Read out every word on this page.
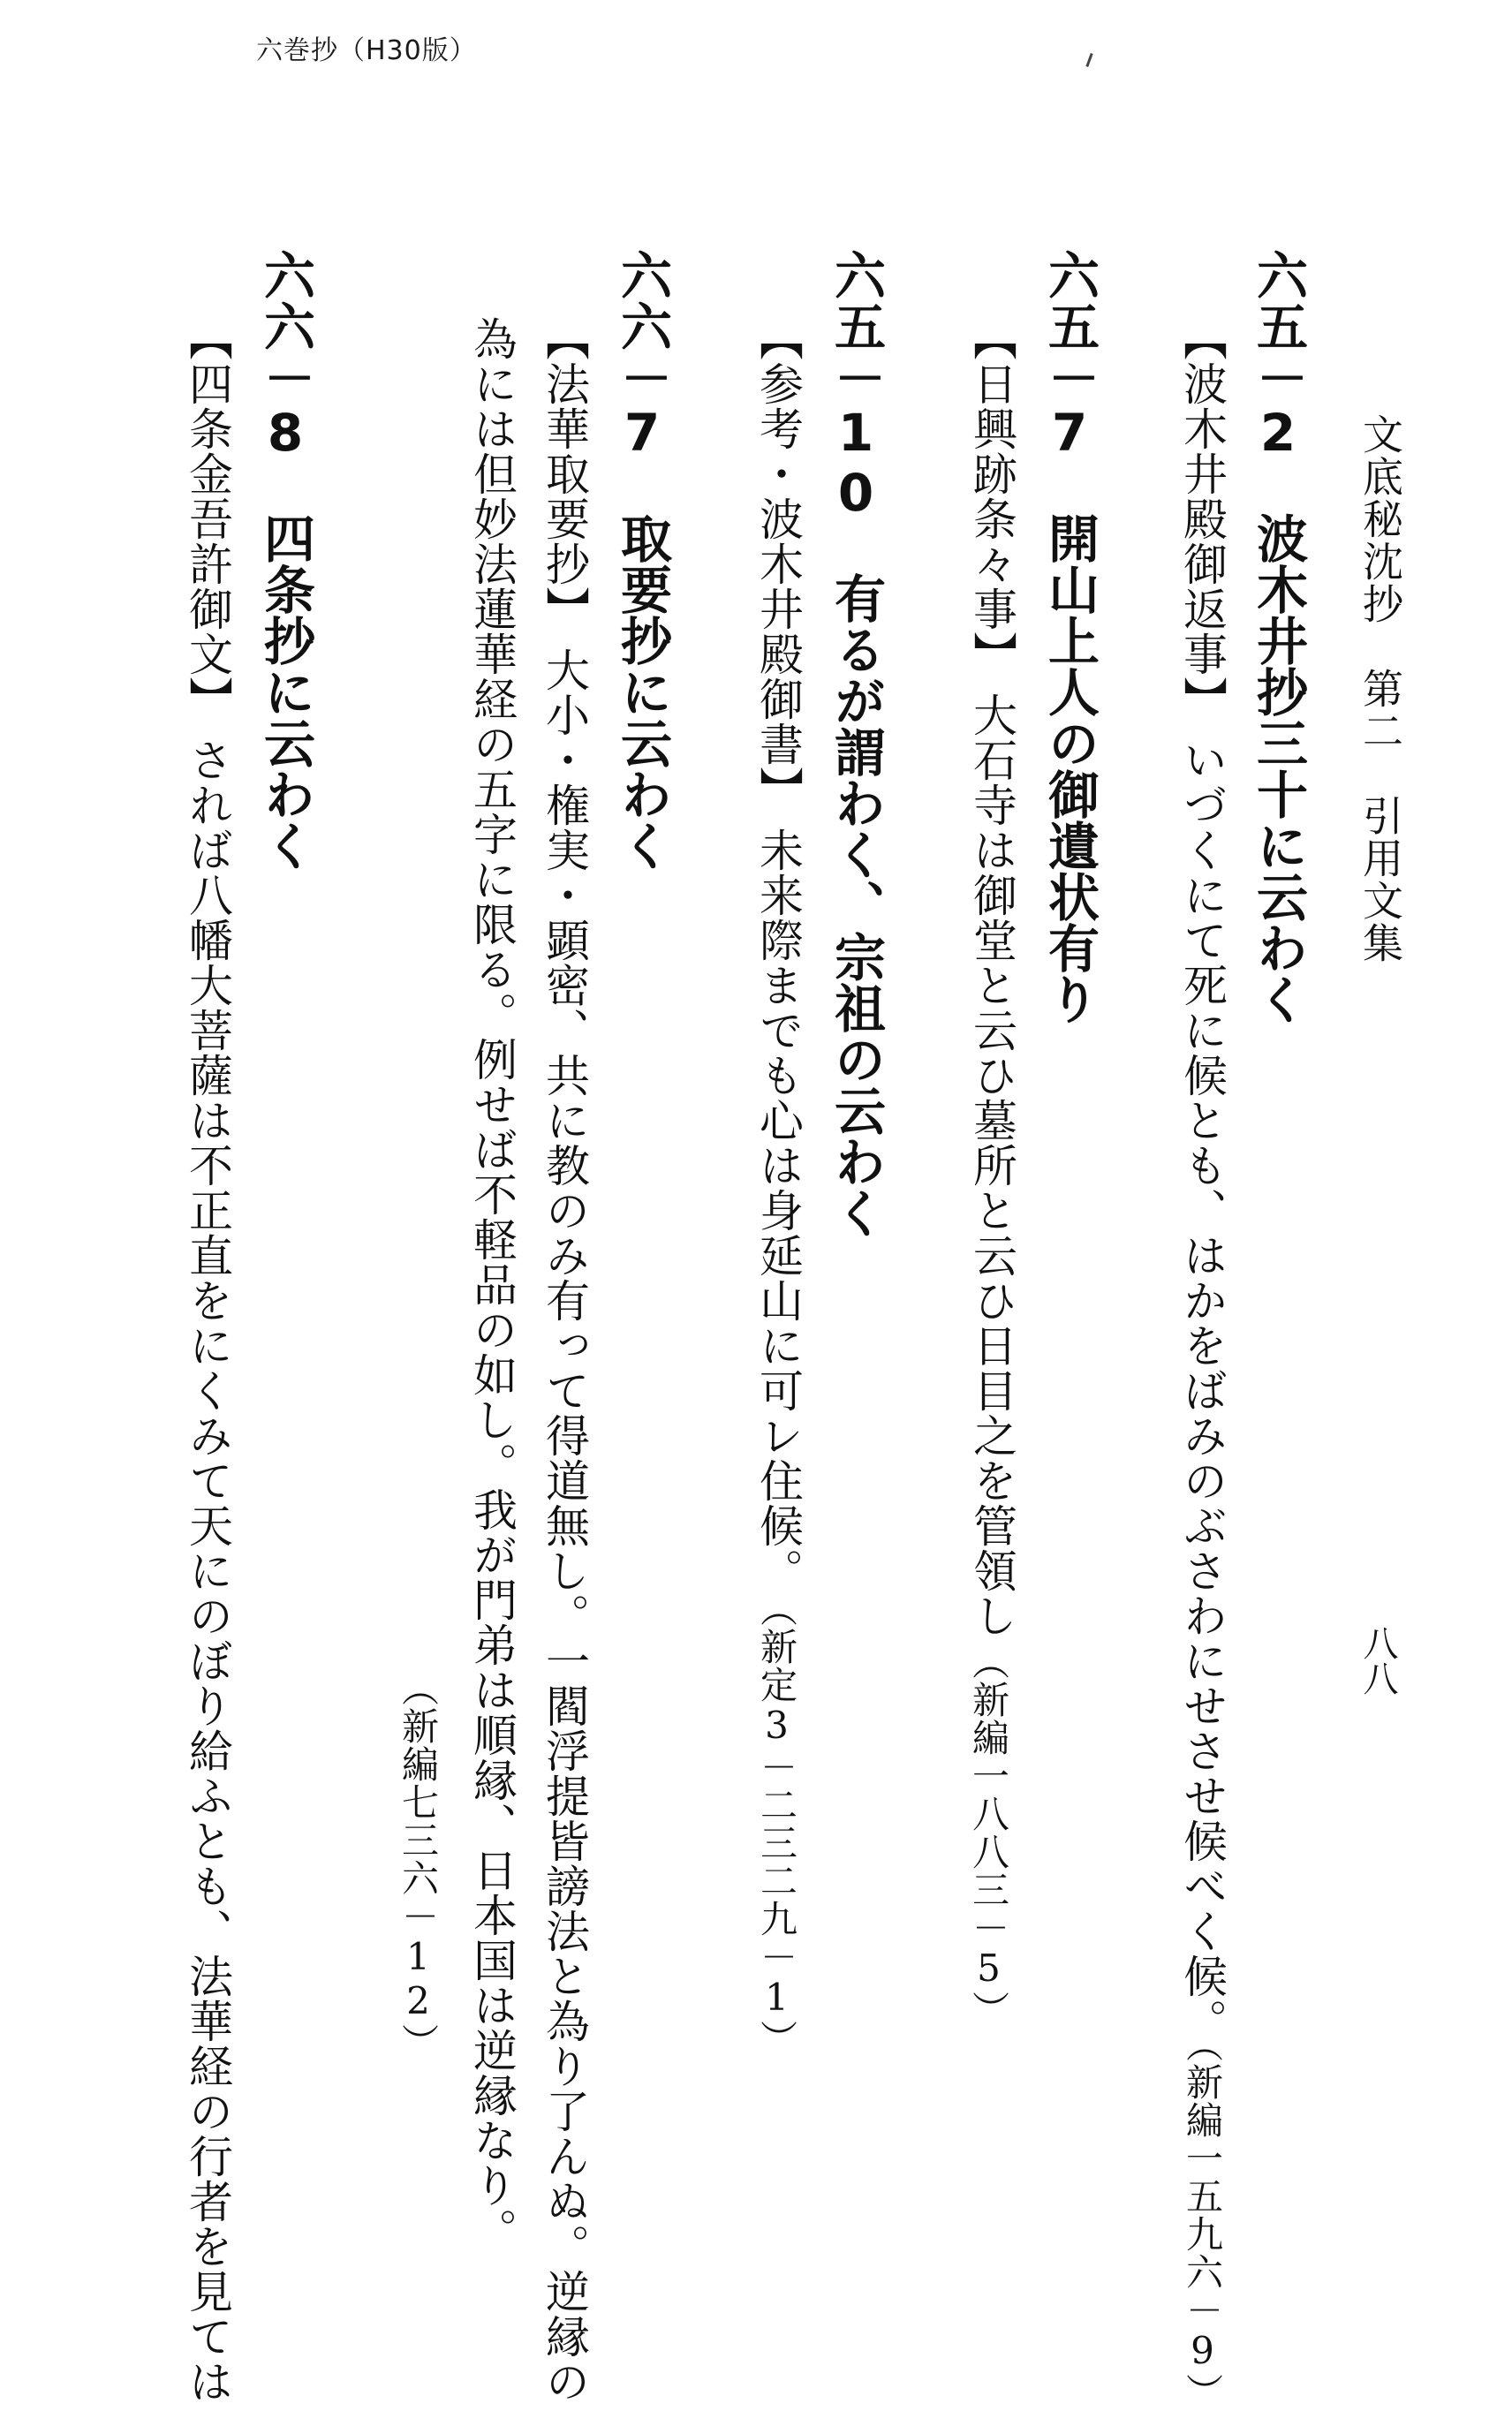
六巻抄（H30版）
文底秘沈抄　第二　引用文集
八八
六五－2波木井抄三十に云わく
【波木井殿御返事】いづくにて死に候とも、はかをばみのぶさわにせさせ候べく候。（新編一五九六－9）
六五－7開山上人の御遺状有り
【日興跡条々事】大石寺は御堂と云ひ墓所と云ひ日目之を管領し
（新編一八八三－5）
六五－10有るが謂わく、宗祖の云わく
【参考・波木井殿御書】未来際までも心は身延山に可レ住候。
（新定3－二三二九－1）
六六－7取要抄に云わく
【法華取要抄】大小・権実・顕密、共に教のみ有って得道無し。一閻浮提皆謗法と為り了んぬ。逆縁の
為には但妙法蓮華経の五字に限る。例せば不軽品の如し。我が門弟は順縁、日本国は逆縁なり。
（新編七三六－12）
六六－8四条抄に云わく
【四条金吾許御文】されば八幡大菩薩は不正直をにくみて天にのぼり給ふとも、法華経の行者を見ては
